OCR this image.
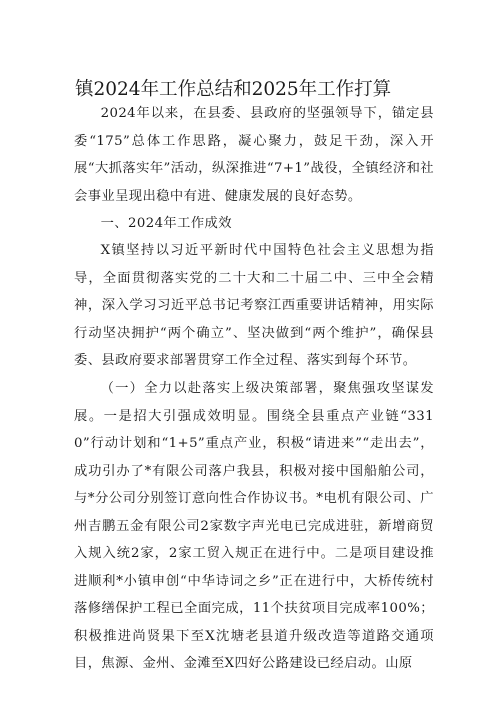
镇2024年工作总结和2025年工作打算

2024年以来，在县委、县政府的坚强领导下，锚定县委“175”总体工作思路，凝心聚力，鼓足干劲，深入开展“大抓落实年”活动，纵深推进“7+1”战役，全镇经济和社会事业呈现出稳中有进、健康发展的良好态势。

一、2024年工作成效

X镇坚持以习近平新时代中国特色社会主义思想为指导，全面贯彻落实党的二十大和二十届二中、三中全会精神，深入学习习近平总书记考察江西重要讲话精神，用实际行动坚决拥护“两个确立”、坚决做到“两个维护”，确保县委、县政府要求部署贯穿工作全过程、落实到每个环节。

（一）全力以赴落实上级决策部署，聚焦强攻坚谋发展。一是招大引强成效明显。围绕全县重点产业链“3310”行动计划和“1+5”重点产业，积极“请进来”“走出去”，成功引办了*有限公司落户我县，积极对接中国船舶公司，与*分公司分别签订意向性合作协议书。*电机有限公司、广州吉鹏五金有限公司2家数字声光电已完成进驻，新增商贸入规入统2家，2家工贸入规正在进行中。二是项目建设推进顺利*小镇申创“中华诗词之乡”正在进行中，大桥传统村落修缮保护工程已全面完成，11个扶贫项目完成率100%；积极推进尚贤果下至X沈塘老县道升级改造等道路交通项目，焦源、金州、金滩至X四好公路建设已经启动。山原
